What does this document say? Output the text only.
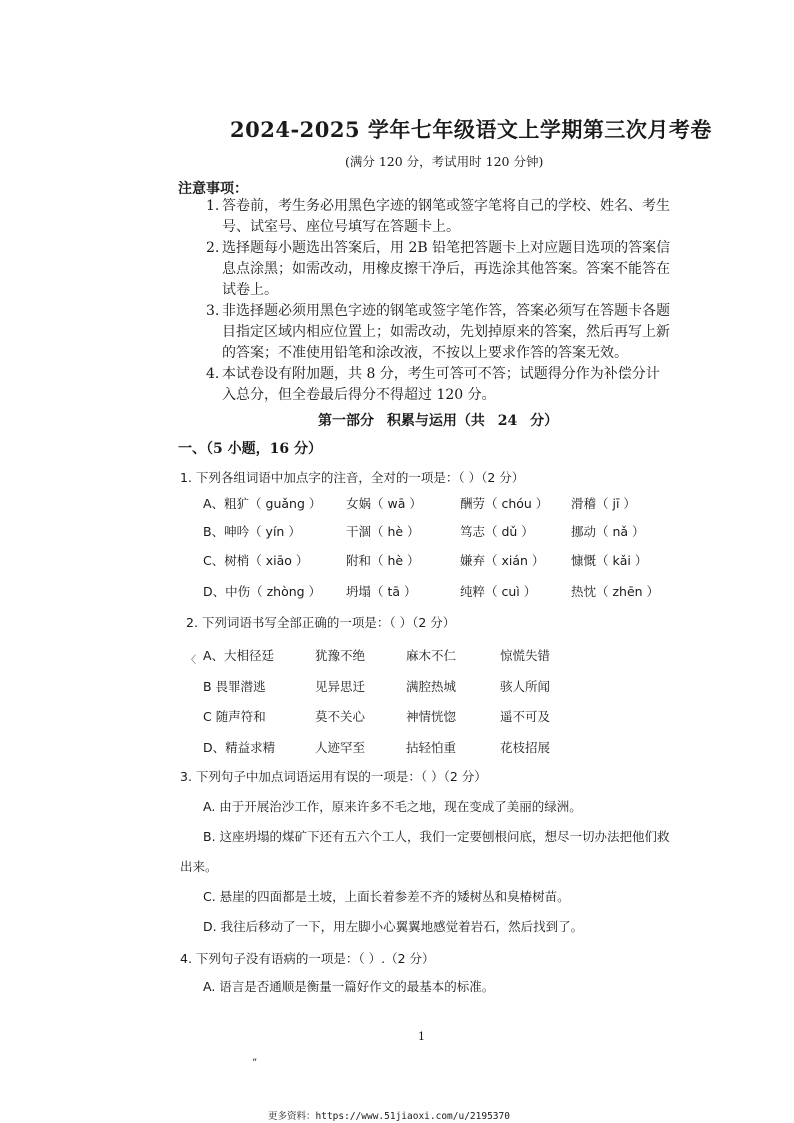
2024-2025 学年七年级语文上学期第三次月考卷
(满分 120 分，考试用时 120 分钟)
注意事项：
1. 答卷前，考生务必用黑色字迹的钢笔或签字笔将自己的学校、姓名、考生号、试室号、座位号填写在答题卡上。
2. 选择题每小题选出答案后，用 2B 铅笔把答题卡上对应题目选项的答案信息点涂黑；如需改动，用橡皮擦干净后，再选涂其他答案。答案不能答在试卷上。
3. 非选择题必须用黑色字迹的钢笔或签字笔作答，答案必须写在答题卡各题目指定区域内相应位置上；如需改动，先划掉原来的答案，然后再写上新的答案；不准使用铅笔和涂改液，不按以上要求作答的答案无效。
4. 本试卷设有附加题，共 8 分，考生可答可不答；试题得分作为补偿分计入总分，但全卷最后得分不得超过 120 分。
第一部分 积累与运用（共 24 分）
一、（5 小题，16 分）
1. 下列各组词语中加点字的注音，全对的一项是：（ ）（2 分）
A、粗犷（ guǎng ） 女娲（ wā ）	酬劳（ chóu ） 滑稽（ jī ）
B、呻吟（ yín ）	干涸（ hè ）	笃志（ dǔ ）	挪动（ nǎ ）
C、树梢（ xiāo ）	附和（ hè ）	嫌弃（ xián ） 慷慨（ kǎi ）
D、中伤（ zhòng ） 坍塌（ tā ）	纯粹（ cuì ）	热忱（ zhēn ）
2. 下列词语书写全部正确的一项是：（ ）（2 分）
〈 A、大相径廷	犹豫不绝	麻木不仁	惊慌失错
B 畏罪潜逃	见异思迁	满腔热城	骇人所闻
C 随声符和	莫不关心	神情恍惚	遥不可及
D、精益求精	人迹罕至	拈轻怕重	花枝招展
3. 下列句子中加点词语运用有误的一项是：（ ）（2 分）
A. 由于开展治沙工作，原来许多不毛之地，现在变成了美丽的绿洲。
B. 这座坍塌的煤矿下还有五六个工人，我们一定要刨根问底，想尽一切办法把他们救
出来。
C. 悬崖的四面都是土坡，上面长着参差不齐的矮树丛和臭椿树苗。
D. 我往后移动了一下，用左脚小心翼翼地感觉着岩石，然后找到了。
4. 下列句子没有语病的一项是：（ ）.（2 分）
A. 语言是否通顺是衡量一篇好作文的最基本的标准。
1
”
更多资料：https://www.51jiaoxi.com/u/2195370
